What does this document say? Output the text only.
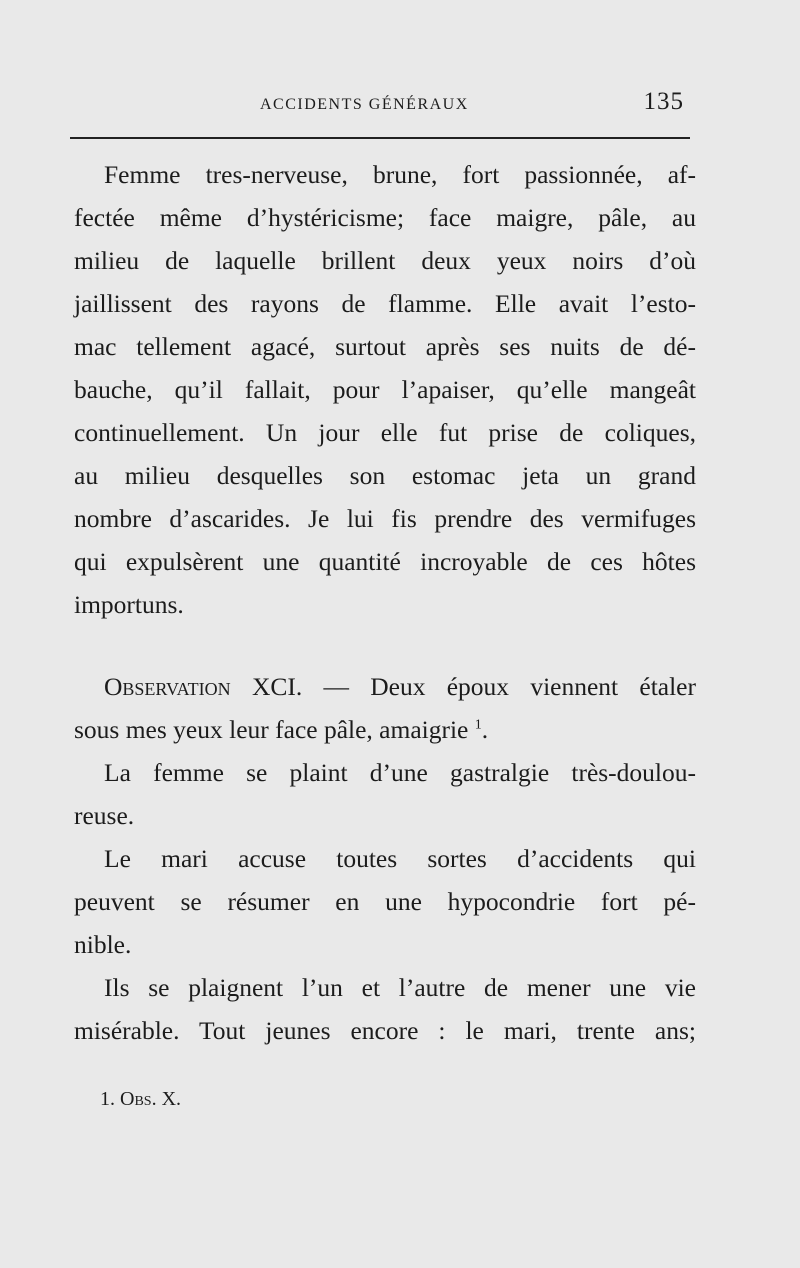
ACCIDENTS GÉNÉRAUX	135
Femme tres-nerveuse, brune, fort passionnée, af-
fectée même d’hystéricisme; face maigre, pâle, au
milieu de laquelle brillent deux yeux noirs d’où
jaillissent des rayons de flamme. Elle avait l’esto-
mac tellement agacé, surtout après ses nuits de dé-
bauche, qu’il fallait, pour l’apaiser, qu’elle mangeât
continuellement. Un jour elle fut prise de coliques,
au milieu desquelles son estomac jeta un grand
nombre d’ascarides. Je lui fis prendre des vermifuges
qui expulsèrent une quantité incroyable de ces hôtes
importuns.
Observation XCI. — Deux époux viennent étaler
sous mes yeux leur face pâle, amaigrie $^1$.
La femme se plaint d’une gastralgie très-doulou-
reuse.
Le mari accuse toutes sortes d’accidents qui
peuvent se résumer en une hypocondrie fort pé-
nible.
Ils se plaignent l’un et l’autre de mener une vie
misérable. Tout jeunes encore : le mari, trente ans;
1. Obs. X.
